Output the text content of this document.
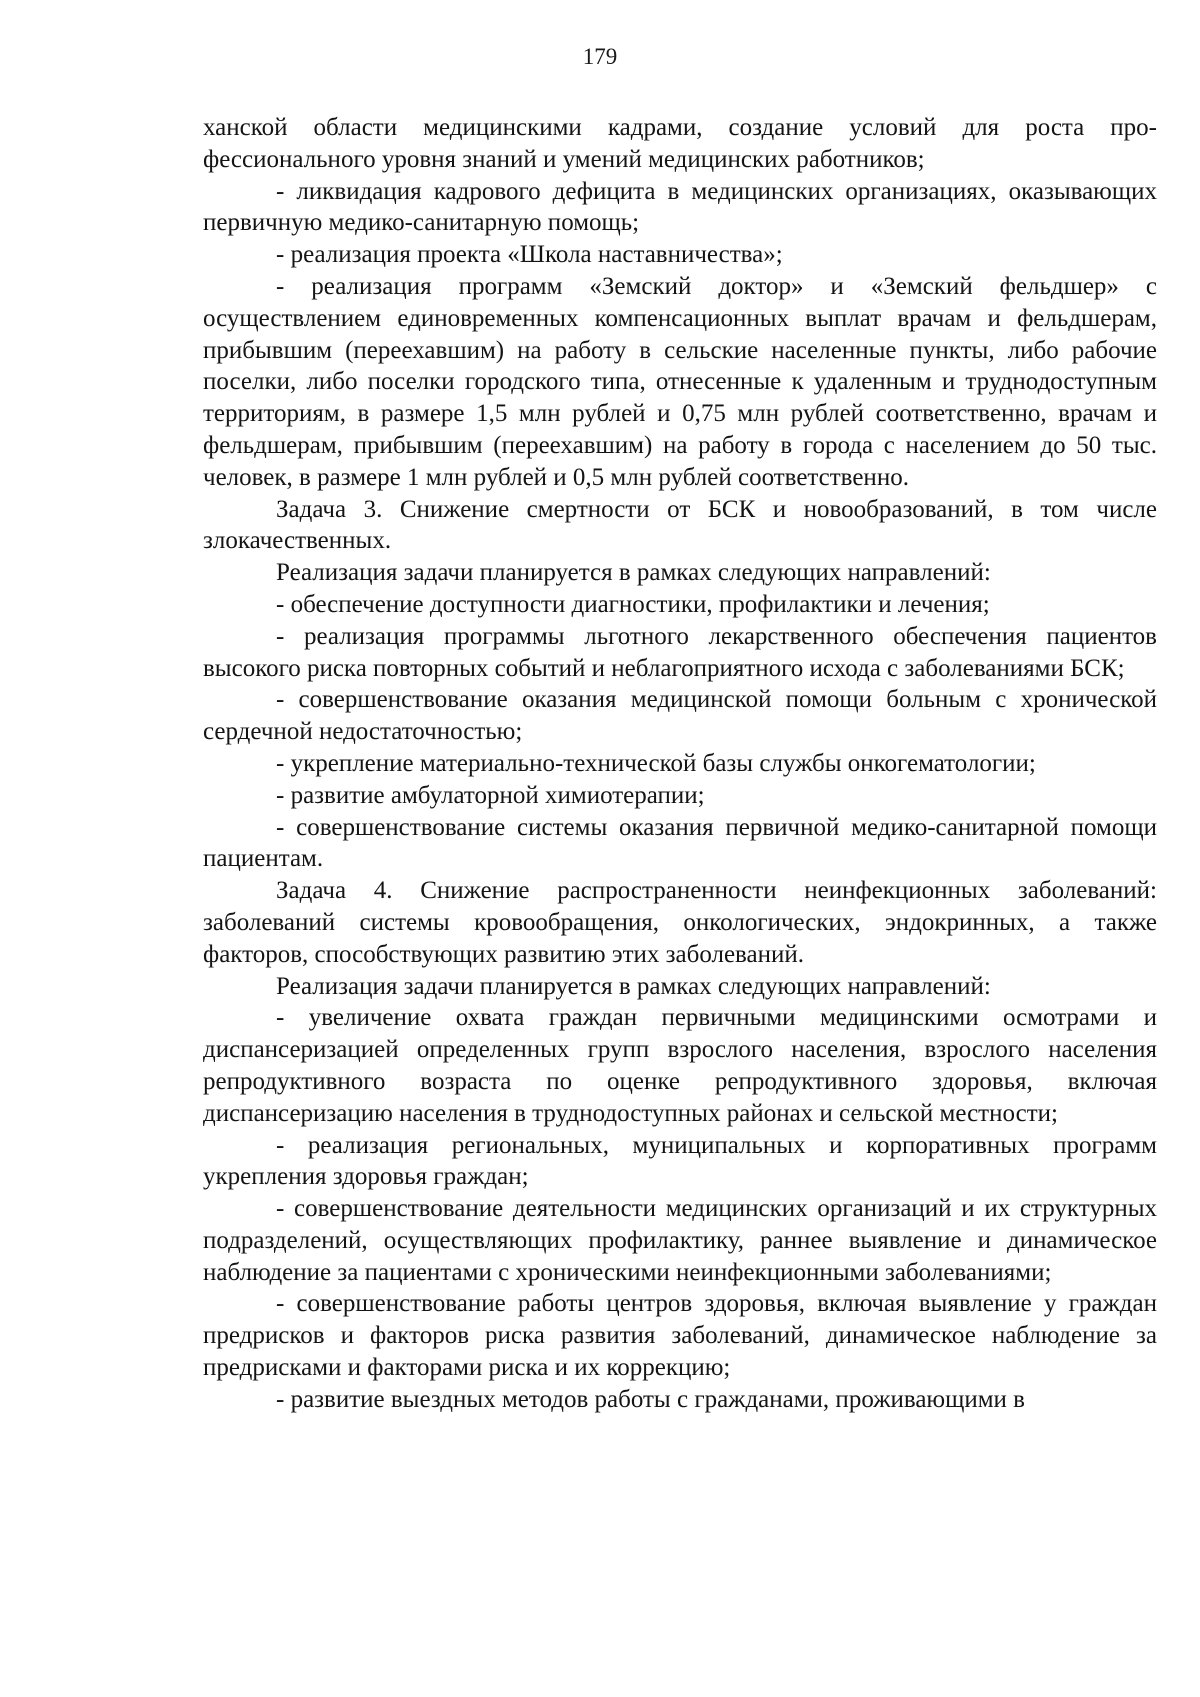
179

ханской области медицинскими кадрами, создание условий для роста профессионального уровня знаний и умений медицинских работников;

- ликвидация кадрового дефицита в медицинских организациях, оказывающих первичную медико-санитарную помощь;

- реализация проекта «Школа наставничества»;

- реализация программ «Земский доктор» и «Земский фельдшер» с осуществлением единовременных компенсационных выплат врачам и фельдшерам, прибывшим (переехавшим) на работу в сельские населенные пункты, либо рабочие поселки, либо поселки городского типа, отнесенные к удаленным и труднодоступным территориям, в размере 1,5 млн рублей и 0,75 млн рублей соответственно, врачам и фельдшерам, прибывшим (переехавшим) на работу в города с населением до 50 тыс. человек, в размере 1 млн рублей и 0,5 млн рублей соответственно.

Задача 3. Снижение смертности от БСК и новообразований, в том числе злокачественных.

Реализация задачи планируется в рамках следующих направлений:

- обеспечение доступности диагностики, профилактики и лечения;

- реализация программы льготного лекарственного обеспечения пациентов высокого риска повторных событий и неблагоприятного исхода с заболеваниями БСК;

- совершенствование оказания медицинской помощи больным с хронической сердечной недостаточностью;

- укрепление материально-технической базы службы онкогематологии;

- развитие амбулаторной химиотерапии;

- совершенствование системы оказания первичной медико-санитарной помощи пациентам.

Задача 4. Снижение распространенности неинфекционных заболеваний: заболеваний системы кровообращения, онкологических, эндокринных, а также факторов, способствующих развитию этих заболеваний.

Реализация задачи планируется в рамках следующих направлений:

- увеличение охвата граждан первичными медицинскими осмотрами и диспансеризацией определенных групп взрослого населения, взрослого населения репродуктивного возраста по оценке репродуктивного здоровья, включая диспансеризацию населения в труднодоступных районах и сельской местности;

- реализация региональных, муниципальных и корпоративных программ укрепления здоровья граждан;

- совершенствование деятельности медицинских организаций и их структурных подразделений, осуществляющих профилактику, раннее выявление и динамическое наблюдение за пациентами с хроническими неинфекционными заболеваниями;

- совершенствование работы центров здоровья, включая выявление у граждан предрисков и факторов риска развития заболеваний, динамическое наблюдение за предрисками и факторами риска и их коррекцию;

- развитие выездных методов работы с гражданами, проживающими в
